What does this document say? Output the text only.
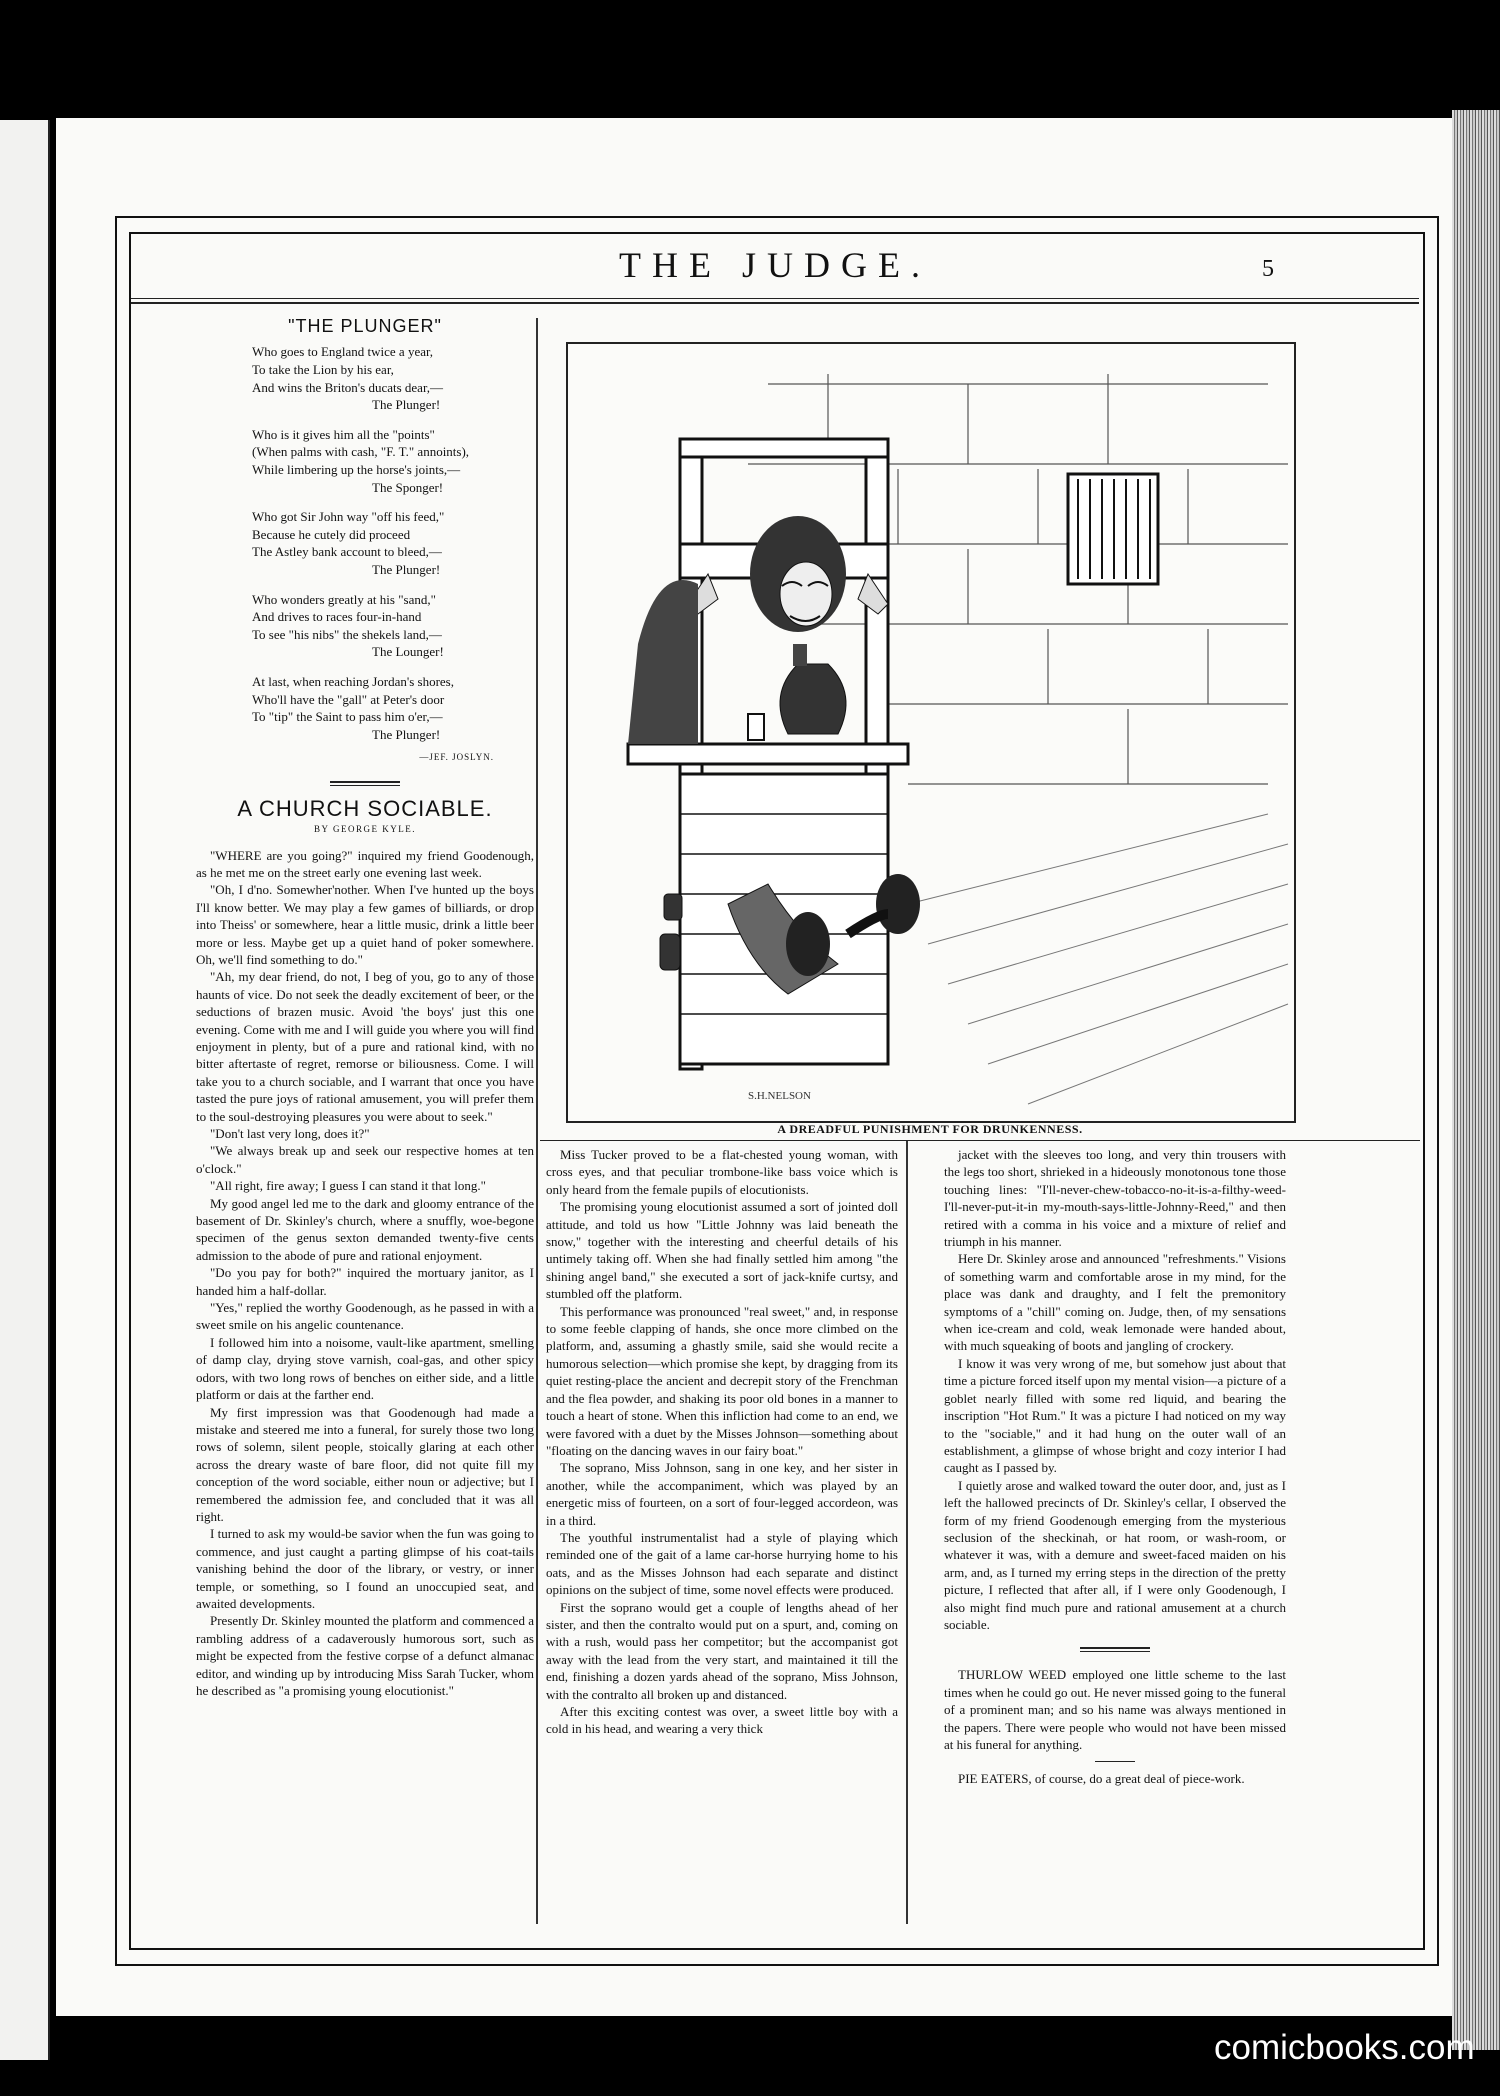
THE JUDGE.	5
"THE PLUNGER"
Who goes to England twice a year,
To take the Lion by his ear,
And wins the Briton's ducats dear,—
The Plunger!
Who is it gives him all the "points"
(When palms with cash, "F. T." annoints),
While limbering up the horse's joints,—
The Sponger!
Who got Sir John way "off his feed,"
Because he cutely did proceed
The Astley bank account to bleed,—
The Plunger!
Who wonders greatly at his "sand,"
And drives to races four-in-hand
To see "his nibs" the shekels land,—
The Lounger!
At last, when reaching Jordan's shores,
Who'll have the "gall" at Peter's door
To "tip" the Saint to pass him o'er,—
The Plunger!
—JEF. JOSLYN.
A CHURCH SOCIABLE.
BY GEORGE KYLE.

"WHERE are you going?" inquired my friend Goodenough, as he met me on the street early one evening last week.

"Oh, I d'no. Somewher'nother. When I've hunted up the boys I'll know better. We may play a few games of billiards, or drop into Theiss' or somewhere, hear a little music, drink a little beer more or less. Maybe get up a quiet hand of poker somewhere. Oh, we'll find something to do."

"Ah, my dear friend, do not, I beg of you, go to any of those haunts of vice. Do not seek the deadly excitement of beer, or the seductions of brazen music. Avoid 'the boys' just this one evening. Come with me and I will guide you where you will find enjoyment in plenty, but of a pure and rational kind, with no bitter aftertaste of regret, remorse or biliousness. Come. I will take you to a church sociable, and I warrant that once you have tasted the pure joys of rational amusement, you will prefer them to the soul-destroying pleasures you were about to seek."

"Don't last very long, does it?"

"We always break up and seek our respective homes at ten o'clock."

"All right, fire away; I guess I can stand it that long."

My good angel led me to the dark and gloomy entrance of the basement of Dr. Skinley's church, where a snuffly, woe-begone specimen of the genus sexton demanded twenty-five cents admission to the abode of pure and rational enjoyment.

"Do you pay for both?" inquired the mortuary janitor, as I handed him a half-dollar.

"Yes," replied the worthy Goodenough, as he passed in with a sweet smile on his angelic countenance.

I followed him into a noisome, vault-like apartment, smelling of damp clay, drying stove varnish, coal-gas, and other spicy odors, with two long rows of benches on either side, and a little platform or dais at the farther end.

My first impression was that Goodenough had made a mistake and steered me into a funeral, for surely those two long rows of solemn, silent people, stoically glaring at each other across the dreary waste of bare floor, did not quite fill my conception of the word sociable, either noun or adjective; but I remembered the admission fee, and concluded that it was all right.

I turned to ask my would-be savior when the fun was going to commence, and just caught a parting glimpse of his coat-tails vanishing behind the door of the library, or vestry, or inner temple, or something, so I found an unoccupied seat, and awaited developments.

Presently Dr. Skinley mounted the platform and commenced a rambling address of a cadaverously humorous sort, such as might be expected from the festive corpse of a defunct almanac editor, and winding up by introducing Miss Sarah Tucker, whom he described as "a promising young elocutionist."

S.H.NELSON
A DREADFUL PUNISHMENT FOR DRUNKENNESS.

Miss Tucker proved to be a flat-chested young woman, with cross eyes, and that peculiar trombone-like bass voice which is only heard from the female pupils of elocutionists.

The promising young elocutionist assumed a sort of jointed doll attitude, and told us how "Little Johnny was laid beneath the snow," together with the interesting and cheerful details of his untimely taking off. When she had finally settled him among "the shining angel band," she executed a sort of jack-knife curtsy, and stumbled off the platform.

This performance was pronounced "real sweet," and, in response to some feeble clapping of hands, she once more climbed on the platform, and, assuming a ghastly smile, said she would recite a humorous selection—which promise she kept, by dragging from its quiet resting-place the ancient and decrepit story of the Frenchman and the flea powder, and shaking its poor old bones in a manner to touch a heart of stone. When this infliction had come to an end, we were favored with a duet by the Misses Johnson—something about "floating on the dancing waves in our fairy boat."

The soprano, Miss Johnson, sang in one key, and her sister in another, while the accompaniment, which was played by an energetic miss of fourteen, on a sort of four-legged accordeon, was in a third.

The youthful instrumentalist had a style of playing which reminded one of the gait of a lame car-horse hurrying home to his oats, and as the Misses Johnson had each separate and distinct opinions on the subject of time, some novel effects were produced.

First the soprano would get a couple of lengths ahead of her sister, and then the contralto would put on a spurt, and, coming on with a rush, would pass her competitor; but the accompanist got away with the lead from the very start, and maintained it till the end, finishing a dozen yards ahead of the soprano, Miss Johnson, with the contralto all broken up and distanced.

After this exciting contest was over, a sweet little boy with a cold in his head, and wearing a very thick

jacket with the sleeves too long, and very thin trousers with the legs too short, shrieked in a hideously monotonous tone those touching lines: "I'll-never-chew-tobacco-no-it-is-a-filthy-weed-I'll-never-put-it-in my-mouth-says-little-Johnny-Reed," and then retired with a comma in his voice and a mixture of relief and triumph in his manner.

Here Dr. Skinley arose and announced "refreshments." Visions of something warm and comfortable arose in my mind, for the place was dank and draughty, and I felt the premonitory symptoms of a "chill" coming on. Judge, then, of my sensations when ice-cream and cold, weak lemonade were handed about, with much squeaking of boots and jangling of crockery.

I know it was very wrong of me, but somehow just about that time a picture forced itself upon my mental vision—a picture of a goblet nearly filled with some red liquid, and bearing the inscription "Hot Rum." It was a picture I had noticed on my way to the "sociable," and it had hung on the outer wall of an establishment, a glimpse of whose bright and cozy interior I had caught as I passed by.

I quietly arose and walked toward the outer door, and, just as I left the hallowed precincts of Dr. Skinley's cellar, I observed the form of my friend Goodenough emerging from the mysterious seclusion of the sheckinah, or hat room, or wash-room, or whatever it was, with a demure and sweet-faced maiden on his arm, and, as I turned my erring steps in the direction of the pretty picture, I reflected that after all, if I were only Goodenough, I also might find much pure and rational amusement at a church sociable.

THURLOW WEED employed one little scheme to the last times when he could go out. He never missed going to the funeral of a prominent man; and so his name was always mentioned in the papers. There were people who would not have been missed at his funeral for anything.

PIE EATERS, of course, do a great deal of piece-work.

comicbooks.com
